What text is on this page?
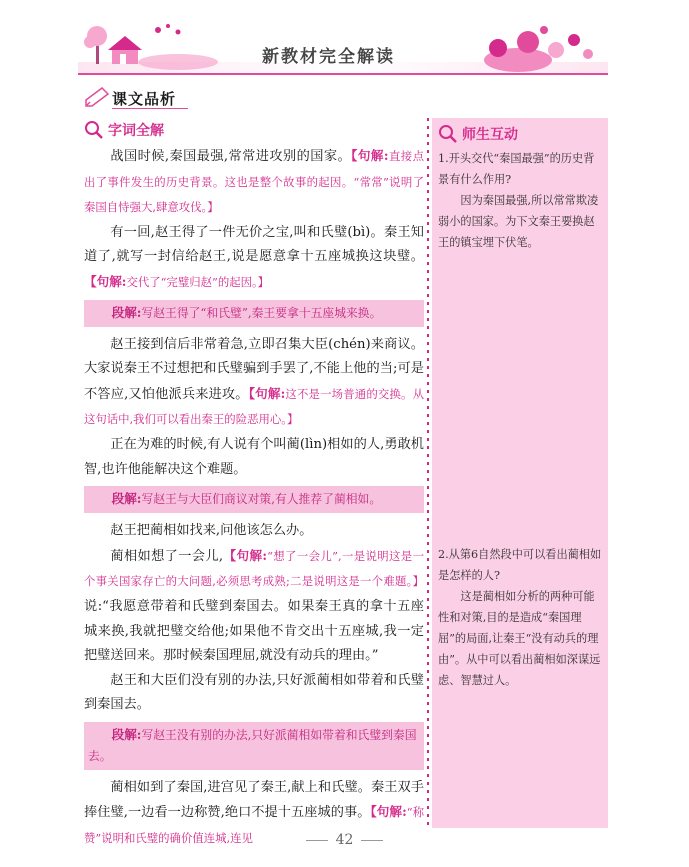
新教材完全解读
课文品析
字词全解

战国时候,秦国最强,常常进攻别的国家。【句解:直接点出了事件发生的历史背景。这也是整个故事的起因。“常常”说明了秦国自恃强大,肆意攻伐。】

有一回,赵王得了一件无价之宝,叫和氏璧(bì)。秦王知道了,就写一封信给赵王,说是愿意拿十五座城换这块璧。【句解:交代了“完璧归赵”的起因。】

段解:写赵王得了“和氏璧”,秦王要拿十五座城来换。

赵王接到信后非常着急,立即召集大臣(chén)来商议。大家说秦王不过想把和氏璧骗到手罢了,不能上他的当;可是不答应,又怕他派兵来进攻。【句解:这不是一场普通的交换。从这句话中,我们可以看出秦王的险恶用心。】

正在为难的时候,有人说有个叫蔺(lìn)相如的人,勇敢机智,也许他能解决这个难题。

段解:写赵王与大臣们商议对策,有人推荐了蔺相如。

赵王把蔺相如找来,问他该怎么办。

蔺相如想了一会儿,【句解:“想了一会儿”,一是说明这是一个事关国家存亡的大问题,必须思考成熟;二是说明这是一个难题。】说:“我愿意带着和氏璧到秦国去。如果秦王真的拿十五座城来换,我就把璧交给他;如果他不肯交出十五座城,我一定把璧送回来。那时候秦国理屈,就没有动兵的理由。”

赵王和大臣们没有别的办法,只好派蔺相如带着和氏璧到秦国去。

段解:写赵王没有别的办法,只好派蔺相如带着和氏璧到秦国去。

蔺相如到了秦国,进宫见了秦王,献上和氏璧。秦王双手捧住璧,一边看一边称赞,绝口不提十五座城的事。【句解:“称赞”说明和氏璧的确价值连城,连见

师生互动

1.开头交代“秦国最强”的历史背景有什么作用?

因为秦国最强,所以常常欺凌弱小的国家。为下文秦王要换赵王的镇宝埋下伏笔。

2.从第6自然段中可以看出蔺相如是怎样的人?

这是蔺相如分析的两种可能性和对策,目的是造成“秦国理屈”的局面,让秦王“没有动兵的理由”。从中可以看出蔺相如深谋远虑、智慧过人。

42
